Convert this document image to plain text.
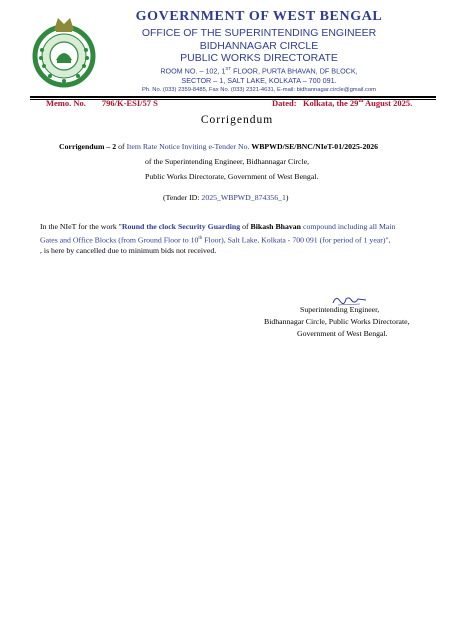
GOVERNMENT OF WEST BENGAL
OFFICE OF THE SUPERINTENDING ENGINEER
BIDHANNAGAR CIRCLE
PUBLIC WORKS DIRECTORATE
ROOM NO. – 102, 1ST FLOOR, PURTA BHAVAN, DF BLOCK,
SECTOR – 1, SALT LAKE, KOLKATA – 700 091.
Ph. No. (033) 2359-8485, Fax No. (033) 2321-4631, E-mail: bidhannagar.circle@gmail.com
Memo. No. 796/K-ESI/57 S	Dated: Kolkata, the 29th August 2025.
Corrigendum
Corrigendum – 2 of Item Rate Notice Inviting e-Tender No. WBPWD/SE/BNC/NIeT-01/2025-2026
of the Superintending Engineer, Bidhannagar Circle,
Public Works Directorate, Government of West Bengal.
(Tender ID: 2025_WBPWD_874356_1)
In the NIeT for the work "Round the clock Security Guarding of Bikash Bhavan compound including all Main
Gates and Office Blocks (from Ground Floor to 10th Floor), Salt Lake, Kolkata - 700 091 (for period of 1 year)",
, is here by cancelled due to minimum bids not received.
Superintending Engineer,
Bidhannagar Circle, Public Works Directorate,
Government of West Bengal.
